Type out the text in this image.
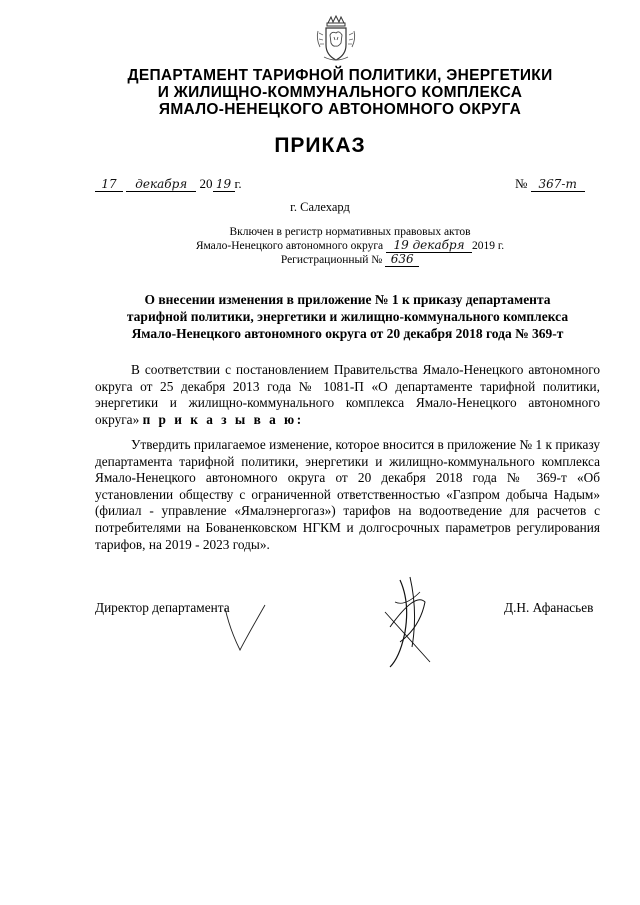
ДЕПАРТАМЕНТ ТАРИФНОЙ ПОЛИТИКИ, ЭНЕРГЕТИКИ
И ЖИЛИЩНО-КОММУНАЛЬНОГО КОМПЛЕКСА
ЯМАЛО-НЕНЕЦКОГО АВТОНОМНОГО ОКРУГА
ПРИКАЗ
17 декабря 20 19 г.	№ 367-т
г. Салехард
Включен в регистр нормативных правовых актов
Ямало-Ненецкого автономного округа 19 декабря 2019 г.
Регистрационный № 636
О внесении изменения в приложение № 1 к приказу департамента
тарифной политики, энергетики и жилищно-коммунального комплекса
Ямало-Ненецкого автономного округа от 20 декабря 2018 года № 369-т
В соответствии с постановлением Правительства Ямало-Ненецкого автономного округа от 25 декабря 2013 года № 1081-П «О департаменте тарифной политики, энергетики и жилищно-коммунального комплекса Ямало-Ненецкого автономного округа» п р и к а з ы в а ю:
Утвердить прилагаемое изменение, которое вносится в приложение № 1 к приказу департамента тарифной политики, энергетики и жилищно-коммунального комплекса Ямало-Ненецкого автономного округа от 20 декабря 2018 года № 369-т «Об установлении обществу с ограниченной ответственностью «Газпром добыча Надым» (филиал - управление «Ямалэнергогаз») тарифов на водоотведение для расчетов с потребителями на Бованенковском НГКМ и долгосрочных параметров регулирования тарифов, на 2019 - 2023 годы».
Директор департамента	Д.Н. Афанасьев
